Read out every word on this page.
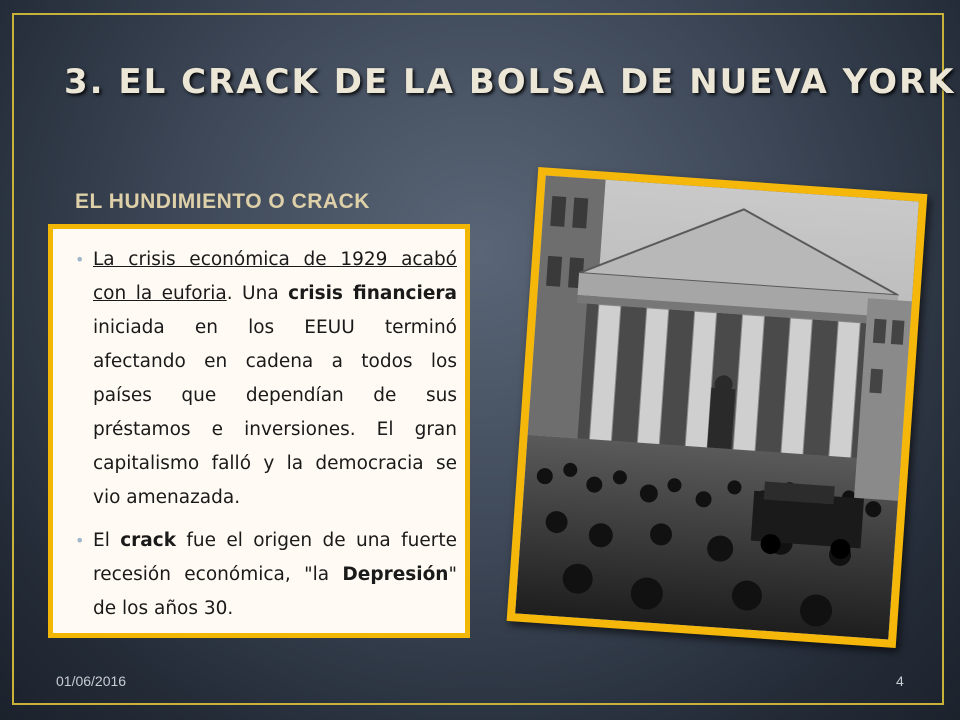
3. EL CRACK DE LA BOLSA DE NUEVA YORK
EL HUNDIMIENTO O CRACK
• La crisis económica de 1929 acabó con la euforia. Una crisis financiera iniciada en los EEUU terminó afectando en cadena a todos los países que dependían de sus préstamos e inversiones. El gran capitalismo falló y la democracia se vio amenazada.
• El crack fue el origen de una fuerte recesión económica, "la Depresión" de los años 30.

01/06/2016	4
